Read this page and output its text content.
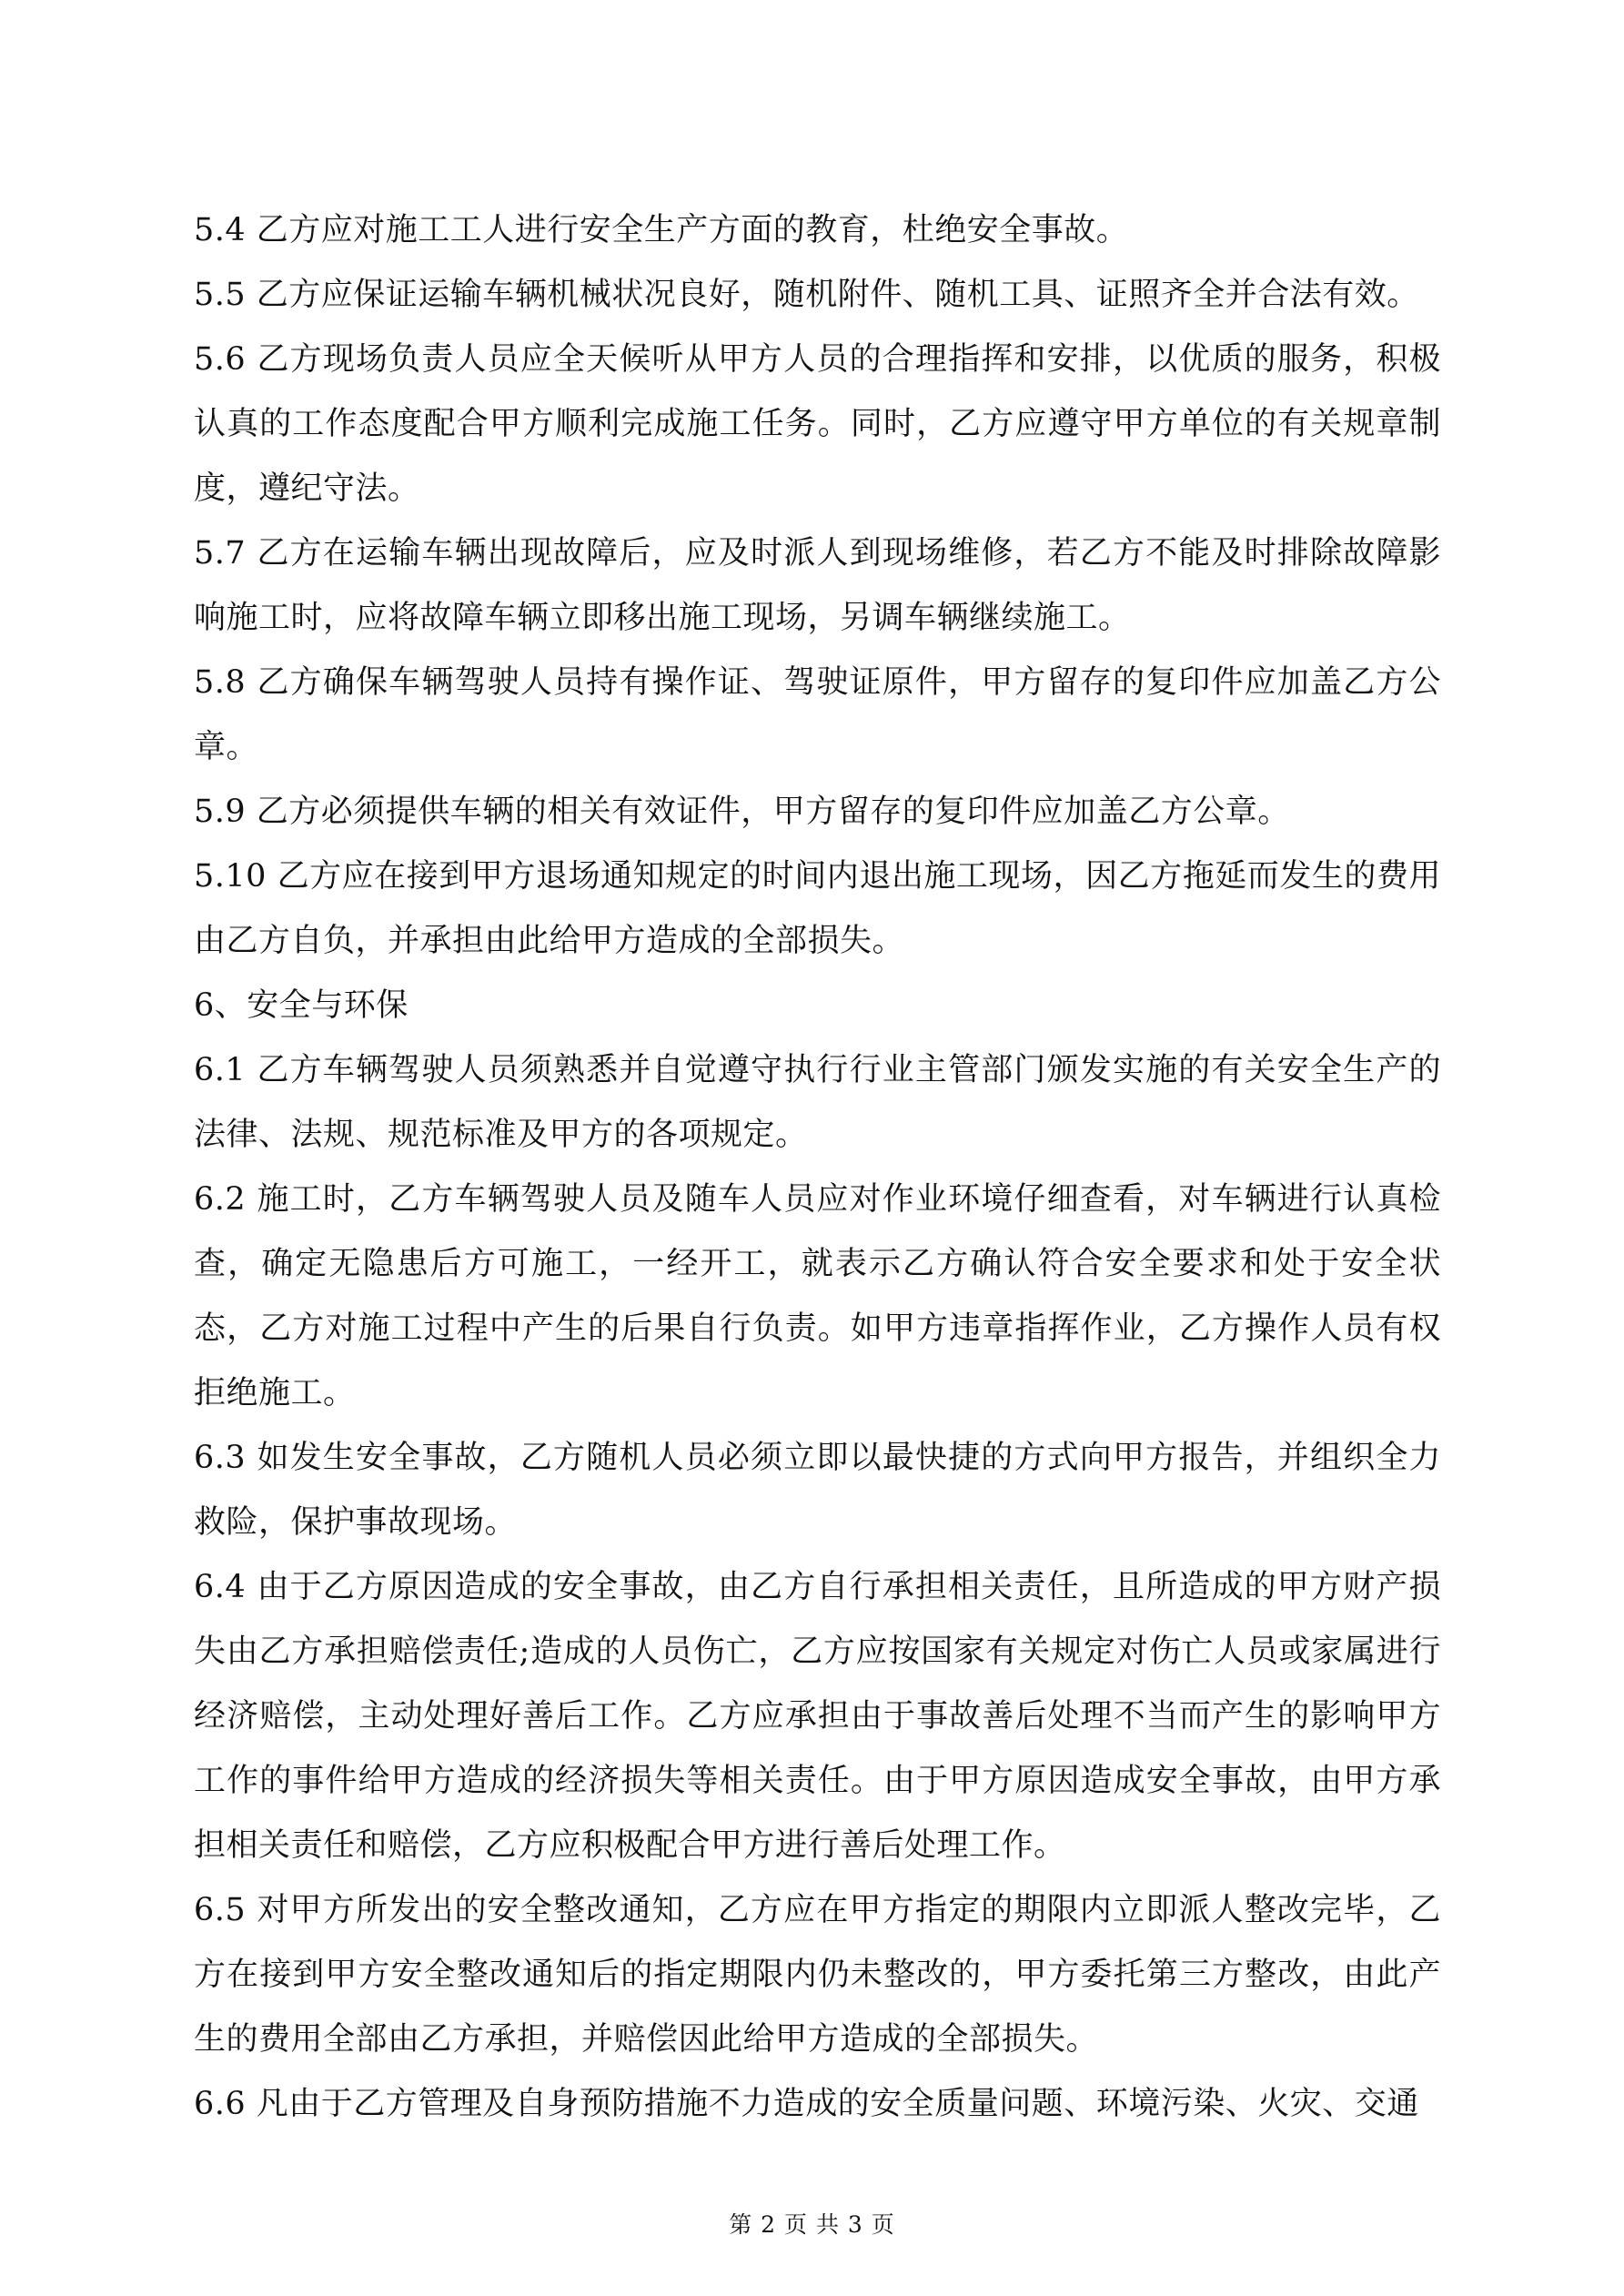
5.4 乙方应对施工工人进行安全生产方面的教育，杜绝安全事故。

5.5 乙方应保证运输车辆机械状况良好，随机附件、随机工具、证照齐全并合法有效。

5.6 乙方现场负责人员应全天候听从甲方人员的合理指挥和安排，以优质的服务，积极认真的工作态度配合甲方顺利完成施工任务。同时，乙方应遵守甲方单位的有关规章制度，遵纪守法。

5.7 乙方在运输车辆出现故障后，应及时派人到现场维修，若乙方不能及时排除故障影响施工时，应将故障车辆立即移出施工现场，另调车辆继续施工。

5.8 乙方确保车辆驾驶人员持有操作证、驾驶证原件，甲方留存的复印件应加盖乙方公章。

5.9 乙方必须提供车辆的相关有效证件，甲方留存的复印件应加盖乙方公章。

5.10 乙方应在接到甲方退场通知规定的时间内退出施工现场，因乙方拖延而发生的费用由乙方自负，并承担由此给甲方造成的全部损失。

6、安全与环保

6.1 乙方车辆驾驶人员须熟悉并自觉遵守执行行业主管部门颁发实施的有关安全生产的法律、法规、规范标准及甲方的各项规定。

6.2 施工时，乙方车辆驾驶人员及随车人员应对作业环境仔细查看，对车辆进行认真检查，确定无隐患后方可施工，一经开工，就表示乙方确认符合安全要求和处于安全状态，乙方对施工过程中产生的后果自行负责。如甲方违章指挥作业，乙方操作人员有权拒绝施工。

6.3 如发生安全事故，乙方随机人员必须立即以最快捷的方式向甲方报告，并组织全力救险，保护事故现场。

6.4 由于乙方原因造成的安全事故，由乙方自行承担相关责任，且所造成的甲方财产损失由乙方承担赔偿责任;造成的人员伤亡，乙方应按国家有关规定对伤亡人员或家属进行经济赔偿，主动处理好善后工作。乙方应承担由于事故善后处理不当而产生的影响甲方工作的事件给甲方造成的经济损失等相关责任。由于甲方原因造成安全事故，由甲方承担相关责任和赔偿，乙方应积极配合甲方进行善后处理工作。

6.5 对甲方所发出的安全整改通知，乙方应在甲方指定的期限内立即派人整改完毕，乙方在接到甲方安全整改通知后的指定期限内仍未整改的，甲方委托第三方整改，由此产生的费用全部由乙方承担，并赔偿因此给甲方造成的全部损失。

6.6 凡由于乙方管理及自身预防措施不力造成的安全质量问题、环境污染、火灾、交通

第 2 页 共 3 页
